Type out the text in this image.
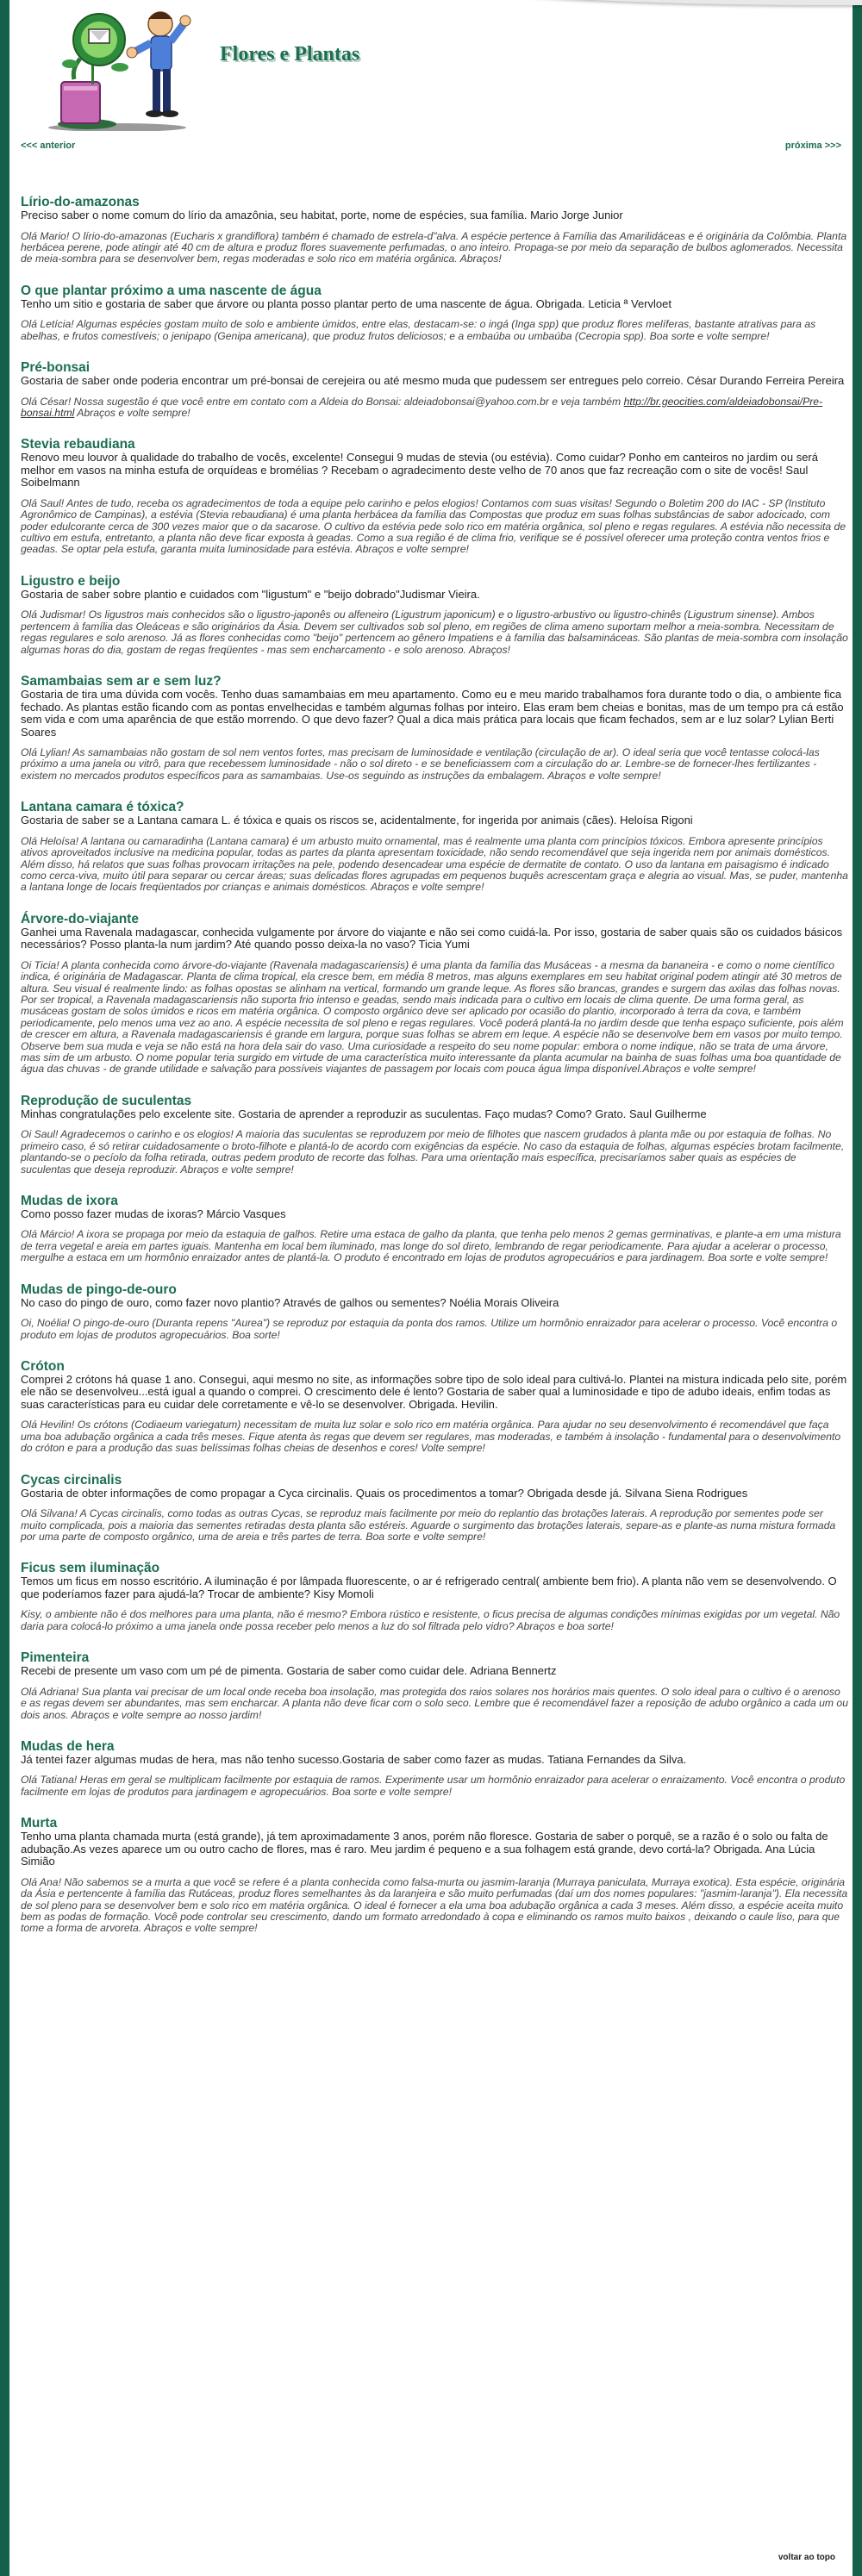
Flores e Plantas
<<< anterior	próxima >>>
Lírio-do-amazonas

Preciso saber o nome comum do lírio da amazônia, seu habitat, porte, nome de espécies, sua família. Mario Jorge Junior

Olá Mario! O lírio-do-amazonas (Eucharis x grandiflora) também é chamado de estrela-d"alva. A espécie pertence à Família das Amarilidáceas e é originária da Colômbia. Planta herbácea perene, pode atingir até 40 cm de altura e produz flores suavemente perfumadas, o ano inteiro. Propaga-se por meio da separação de bulbos aglomerados. Necessita de meia-sombra para se desenvolver bem, regas moderadas e solo rico em matéria orgânica. Abraços!

O que plantar próximo a uma nascente de água

Tenho um sitio e gostaria de saber que árvore ou planta posso plantar perto de uma nascente de água. Obrigada. Leticia ª Vervloet

Olá Letícia! Algumas espécies gostam muito de solo e ambiente úmidos, entre elas, destacam-se: o ingá (Inga spp) que produz flores melíferas, bastante atrativas para as abelhas, e frutos comestíveis; o jenipapo (Genipa americana), que produz frutos deliciosos; e a embaúba ou umbaúba (Cecropia spp). Boa sorte e volte sempre!

Pré-bonsai

Gostaria de saber onde poderia encontrar um pré-bonsai de cerejeira ou até mesmo muda que pudessem ser entregues pelo correio. César Durando Ferreira Pereira

Olá César! Nossa sugestão é que você entre em contato com a Aldeia do Bonsai: aldeiadobonsai@yahoo.com.br e veja também http://br.geocities.com/aldeiadobonsai/Pre-bonsai.html Abraços e volte sempre!

Stevia rebaudiana

Renovo meu louvor à qualidade do trabalho de vocês, excelente! Consegui 9 mudas de stevia (ou estévia). Como cuidar? Ponho em canteiros no jardim ou será melhor em vasos na minha estufa de orquídeas e bromélias ? Recebam o agradecimento deste velho de 70 anos que faz recreação com o site de vocês! Saul Soibelmann

Olá Saul! Antes de tudo, receba os agradecimentos de toda a equipe pelo carinho e pelos elogios! Contamos com suas visitas! Segundo o Boletim 200 do IAC - SP (Instituto Agronômico de Campinas), a estévia (Stevia rebaudiana) é uma planta herbácea da família das Compostas que produz em suas folhas substâncias de sabor adocicado, com poder edulcorante cerca de 300 vezes maior que o da sacarose. O cultivo da estévia pede solo rico em matéria orgânica, sol pleno e regas regulares. A estévia não necessita de cultivo em estufa, entretanto, a planta não deve ficar exposta à geadas. Como a sua região é de clima frio, verifique se é possível oferecer uma proteção contra ventos frios e geadas. Se optar pela estufa, garanta muita luminosidade para estévia. Abraços e volte sempre!

Ligustro e beijo

Gostaria de saber sobre plantio e cuidados com "ligustum" e "beijo dobrado"Judismar Vieira.

Olá Judismar! Os ligustros mais conhecidos são o ligustro-japonês ou alfeneiro (Ligustrum japonicum) e o ligustro-arbustivo ou ligustro-chinês (Ligustrum sinense). Ambos pertencem à família das Oleáceas e são originários da Ásia. Devem ser cultivados sob sol pleno, em regiões de clima ameno suportam melhor a meia-sombra. Necessitam de regas regulares e solo arenoso. Já as flores conhecidas como "beijo" pertencem ao gênero Impatiens e à família das balsamináceas. São plantas de meia-sombra com insolação algumas horas do dia, gostam de regas freqüentes - mas sem encharcamento - e solo arenoso. Abraços!

Samambaias sem ar e sem luz?

Gostaria de tira uma dúvida com vocês. Tenho duas samambaias em meu apartamento. Como eu e meu marido trabalhamos fora durante todo o dia, o ambiente fica fechado. As plantas estão ficando com as pontas envelhecidas e também algumas folhas por inteiro. Elas eram bem cheias e bonitas, mas de um tempo pra cá estão sem vida e com uma aparência de que estão morrendo. O que devo fazer? Qual a dica mais prática para locais que ficam fechados, sem ar e luz solar? Lylian Berti Soares

Olá Lylian! As samambaias não gostam de sol nem ventos fortes, mas precisam de luminosidade e ventilação (circulação de ar). O ideal seria que você tentasse colocá-las próximo a uma janela ou vitrô, para que recebessem luminosidade - não o sol direto - e se beneficiassem com a circulação do ar. Lembre-se de fornecer-lhes fertilizantes - existem no mercados produtos específicos para as samambaias. Use-os seguindo as instruções da embalagem. Abraços e volte sempre!

Lantana camara é tóxica?

Gostaria de saber se a Lantana camara L. é tóxica e quais os riscos se, acidentalmente, for ingerida por animais (cães). Heloísa Rigoni

Olá Heloísa! A lantana ou camaradinha (Lantana camara) é um arbusto muito ornamental, mas é realmente uma planta com princípios tóxicos. Embora apresente princípios ativos aproveitados inclusive na medicina popular, todas as partes da planta apresentam toxicidade, não sendo recomendável que seja ingerida nem por animais domésticos. Além disso, há relatos que suas folhas provocam irritações na pele, podendo desencadear uma espécie de dermatite de contato. O uso da lantana em paisagismo é indicado como cerca-viva, muito útil para separar ou cercar áreas; suas delicadas flores agrupadas em pequenos buquês acrescentam graça e alegria ao visual. Mas, se puder, mantenha a lantana longe de locais freqüentados por crianças e animais domésticos. Abraços e volte sempre!

Árvore-do-viajante

Ganhei uma Ravenala madagascar, conhecida vulgamente por árvore do viajante e não sei como cuidá-la. Por isso, gostaria de saber quais são os cuidados básicos necessários? Posso planta-la num jardim? Até quando posso deixa-la no vaso? Ticia Yumi

Oi Ticia! A planta conhecida como árvore-do-viajante (Ravenala madagascariensis) é uma planta da família das Musáceas - a mesma da bananeira - e como o nome científico indica, é originária de Madagascar. Planta de clima tropical, ela cresce bem, em média 8 metros, mas alguns exemplares em seu habitat original podem atingir até 30 metros de altura. Seu visual é realmente lindo: as folhas opostas se alinham na vertical, formando um grande leque. As flores são brancas, grandes e surgem das axilas das folhas novas. Por ser tropical, a Ravenala madagascariensis não suporta frio intenso e geadas, sendo mais indicada para o cultivo em locais de clima quente. De uma forma geral, as musáceas gostam de solos úmidos e ricos em matéria orgânica. O composto orgânico deve ser aplicado por ocasião do plantio, incorporado à terra da cova, e também periodicamente, pelo menos uma vez ao ano. A espécie necessita de sol pleno e regas regulares. Você poderá plantá-la no jardim desde que tenha espaço suficiente, pois além de crescer em altura, a Ravenala madagascariensis é grande em largura, porque suas folhas se abrem em leque. A espécie não se desenvolve bem em vasos por muito tempo. Observe bem sua muda e veja se não está na hora dela sair do vaso. Uma curiosidade a respeito do seu nome popular: embora o nome indique, não se trata de uma árvore, mas sim de um arbusto. O nome popular teria surgido em virtude de uma característica muito interessante da planta acumular na bainha de suas folhas uma boa quantidade de água das chuvas - de grande utilidade e salvação para possíveis viajantes de passagem por locais com pouca água limpa disponível.Abraços e volte sempre!

Reprodução de suculentas

Minhas congratulações pelo excelente site. Gostaria de aprender a reproduzir as suculentas. Faço mudas? Como? Grato. Saul Guilherme

Oi Saul! Agradecemos o carinho e os elogios! A maioria das suculentas se reproduzem por meio de filhotes que nascem grudados à planta mãe ou por estaquia de folhas. No primeiro caso, é só retirar cuidadosamente o broto-filhote e plantá-lo de acordo com exigências da espécie. No caso da estaquia de folhas, algumas espécies brotam facilmente, plantando-se o pecíolo da folha retirada, outras pedem produto de recorte das folhas. Para uma orientação mais específica, precisaríamos saber quais as espécies de suculentas que deseja reproduzir. Abraços e volte sempre!

Mudas de ixora

Como posso fazer mudas de ixoras? Márcio Vasques

Olá Márcio! A ixora se propaga por meio da estaquia de galhos. Retire uma estaca de galho da planta, que tenha pelo menos 2 gemas germinativas, e plante-a em uma mistura de terra vegetal e areia em partes iguais. Mantenha em local bem iluminado, mas longe do sol direto, lembrando de regar periodicamente. Para ajudar a acelerar o processo, mergulhe a estaca em um hormônio enraizador antes de plantá-la. O produto é encontrado em lojas de produtos agropecuários e para jardinagem. Boa sorte e volte sempre!

Mudas de pingo-de-ouro

No caso do pingo de ouro, como fazer novo plantio? Através de galhos ou sementes? Noélia Morais Oliveira

Oi, Noélia! O pingo-de-ouro (Duranta repens "Aurea") se reproduz por estaquia da ponta dos ramos. Utilize um hormônio enraizador para acelerar o processo. Você encontra o produto em lojas de produtos agropecuários. Boa sorte!

Cróton

Comprei 2 crótons há quase 1 ano. Consegui, aqui mesmo no site, as informações sobre tipo de solo ideal para cultivá-lo. Plantei na mistura indicada pelo site, porém ele não se desenvolveu...está igual a quando o comprei. O crescimento dele é lento? Gostaria de saber qual a luminosidade e tipo de adubo ideais, enfim todas as suas características para eu cuidar dele corretamente e vê-lo se desenvolver. Obrigada. Hevilin.

Olá Hevilin! Os crótons (Codiaeum variegatum) necessitam de muita luz solar e solo rico em matéria orgânica. Para ajudar no seu desenvolvimento é recomendável que faça uma boa adubação orgânica a cada três meses. Fique atenta às regas que devem ser regulares, mas moderadas, e também à insolação - fundamental para o desenvolvimento do cróton e para a produção das suas belíssimas folhas cheias de desenhos e cores! Volte sempre!

Cycas circinalis

Gostaria de obter informações de como propagar a Cyca circinalis. Quais os procedimentos a tomar? Obrigada desde já. Silvana Siena Rodrigues

Olá Silvana! A Cycas circinalis, como todas as outras Cycas, se reproduz mais facilmente por meio do replantio das brotações laterais. A reprodução por sementes pode ser muito complicada, pois a maioria das sementes retiradas desta planta são estéreis. Aguarde o surgimento das brotações laterais, separe-as e plante-as numa mistura formada por uma parte de composto orgânico, uma de areia e três partes de terra. Boa sorte e volte sempre!

Ficus sem iluminação

Temos um ficus em nosso escritório. A iluminação é por lâmpada fluorescente, o ar é refrigerado central( ambiente bem frio). A planta não vem se desenvolvendo. O que poderíamos fazer para ajudá-la? Trocar de ambiente? Kisy Momoli

Kisy, o ambiente não é dos melhores para uma planta, não é mesmo? Embora rústico e resistente, o ficus precisa de algumas condições mínimas exigidas por um vegetal. Não daria para colocá-lo próximo a uma janela onde possa receber pelo menos a luz do sol filtrada pelo vidro? Abraços e boa sorte!

Pimenteira

Recebi de presente um vaso com um pé de pimenta. Gostaria de saber como cuidar dele. Adriana Bennertz

Olá Adriana! Sua planta vai precisar de um local onde receba boa insolação, mas protegida dos raios solares nos horários mais quentes. O solo ideal para o cultivo é o arenoso e as regas devem ser abundantes, mas sem encharcar. A planta não deve ficar com o solo seco. Lembre que é recomendável fazer a reposição de adubo orgânico a cada um ou dois anos. Abraços e volte sempre ao nosso jardim!

Mudas de hera

Já tentei fazer algumas mudas de hera, mas não tenho sucesso.Gostaria de saber como fazer as mudas. Tatiana Fernandes da Silva.

Olá Tatiana! Heras em geral se multiplicam facilmente por estaquia de ramos. Experimente usar um hormônio enraizador para acelerar o enraizamento. Você encontra o produto facilmente em lojas de produtos para jardinagem e agropecuários. Boa sorte e volte sempre!

Murta

Tenho uma planta chamada murta (está grande), já tem aproximadamente 3 anos, porém não floresce. Gostaria de saber o porquê, se a razão é o solo ou falta de adubação.As vezes aparece um ou outro cacho de flores, mas é raro. Meu jardim é pequeno e a sua folhagem está grande, devo cortá-la? Obrigada. Ana Lúcia Simião

Olá Ana! Não sabemos se a murta a que você se refere é a planta conhecida como falsa-murta ou jasmim-laranja (Murraya paniculata, Murraya exotica). Esta espécie, originária da Ásia e pertencente à família das Rutáceas, produz flores semelhantes às da laranjeira e são muito perfumadas (daí um dos nomes populares: "jasmim-laranja"). Ela necessita de sol pleno para se desenvolver bem e solo rico em matéria orgânica. O ideal é fornecer a ela uma boa adubação orgânica a cada 3 meses. Além disso, a espécie aceita muito bem as podas de formação. Você pode controlar seu crescimento, dando um formato arredondado à copa e eliminando os ramos muito baixos , deixando o caule liso, para que tome a forma de arvoreta. Abraços e volte sempre!

voltar ao topo
